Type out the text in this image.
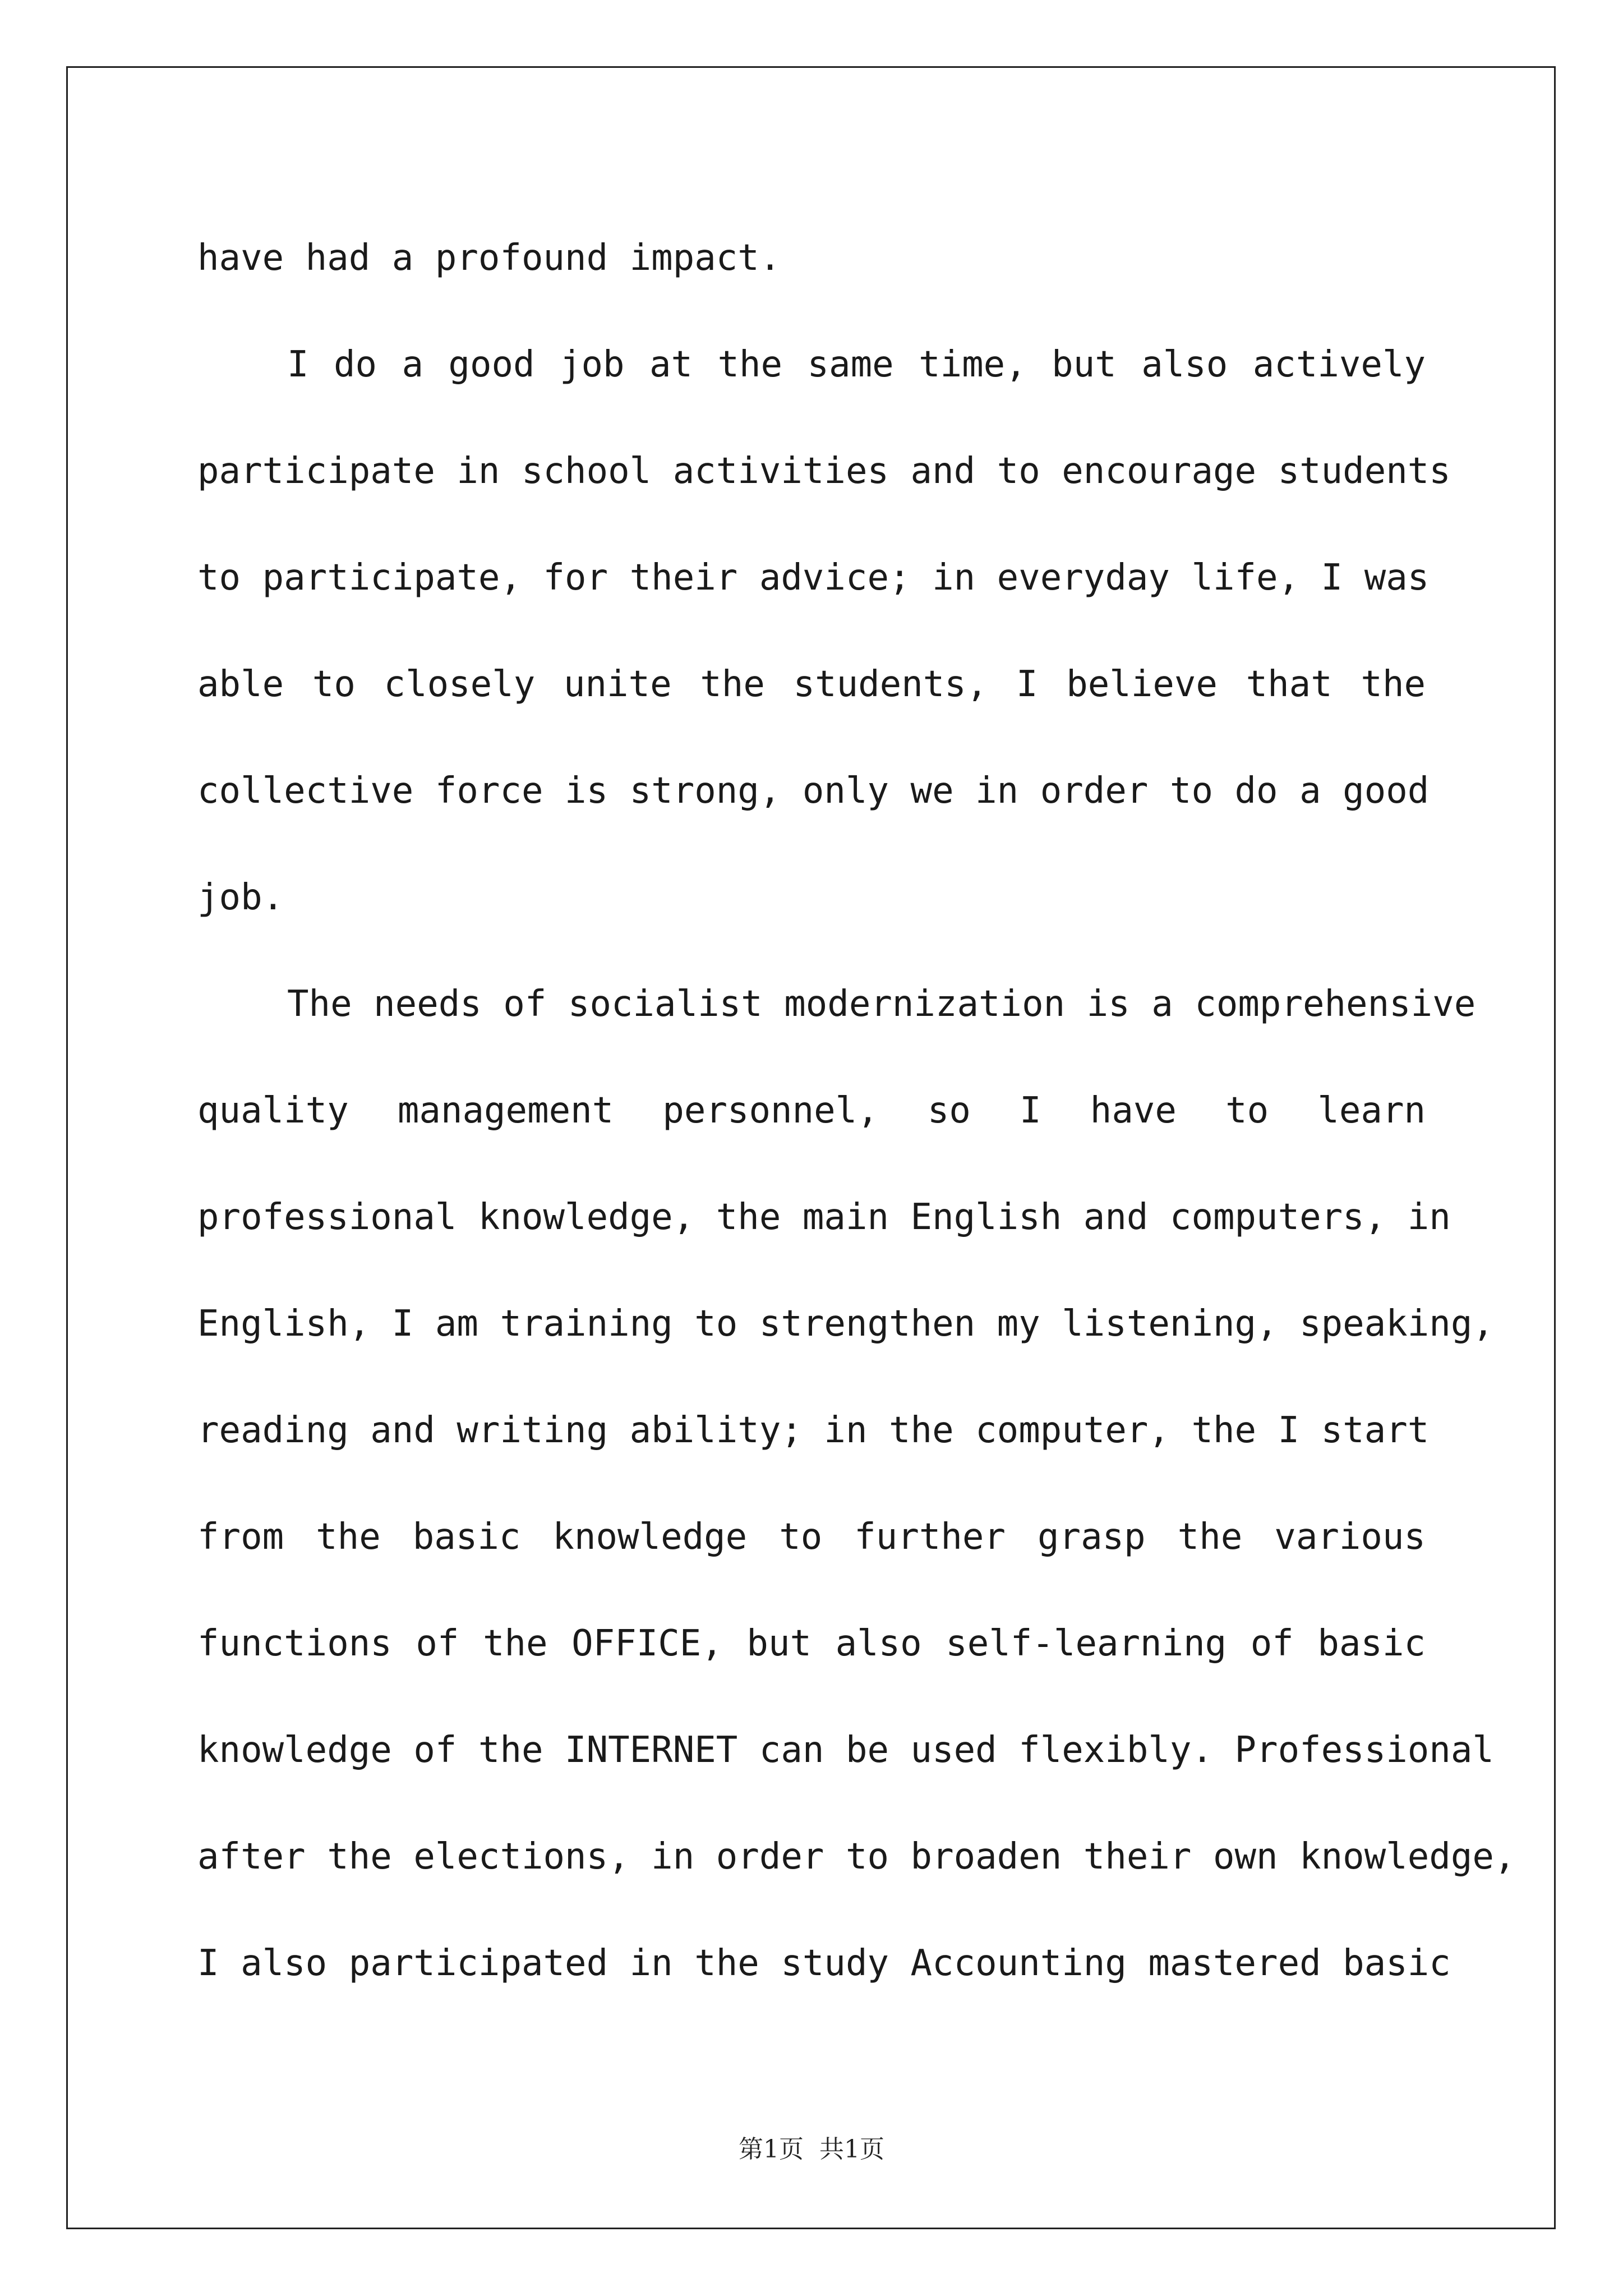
have had a profound impact.
I do a good job at the same time, but also actively
participate in school activities and to encourage students
to participate, for their advice; in everyday life, I was
able to closely unite the students, I believe that the
collective force is strong, only we in order to do a good
job.
The needs of socialist modernization is a comprehensive
quality management personnel, so I have to learn
professional knowledge, the main English and computers, in
English, I am training to strengthen my listening, speaking,
reading and writing ability; in the computer, the I start
from the basic knowledge to further grasp the various
functions of the OFFICE, but also self-learning of basic
knowledge of the INTERNET can be used flexibly. Professional
after the elections, in order to broaden their own knowledge,
I also participated in the study Accounting mastered basic
第1页  共1页
